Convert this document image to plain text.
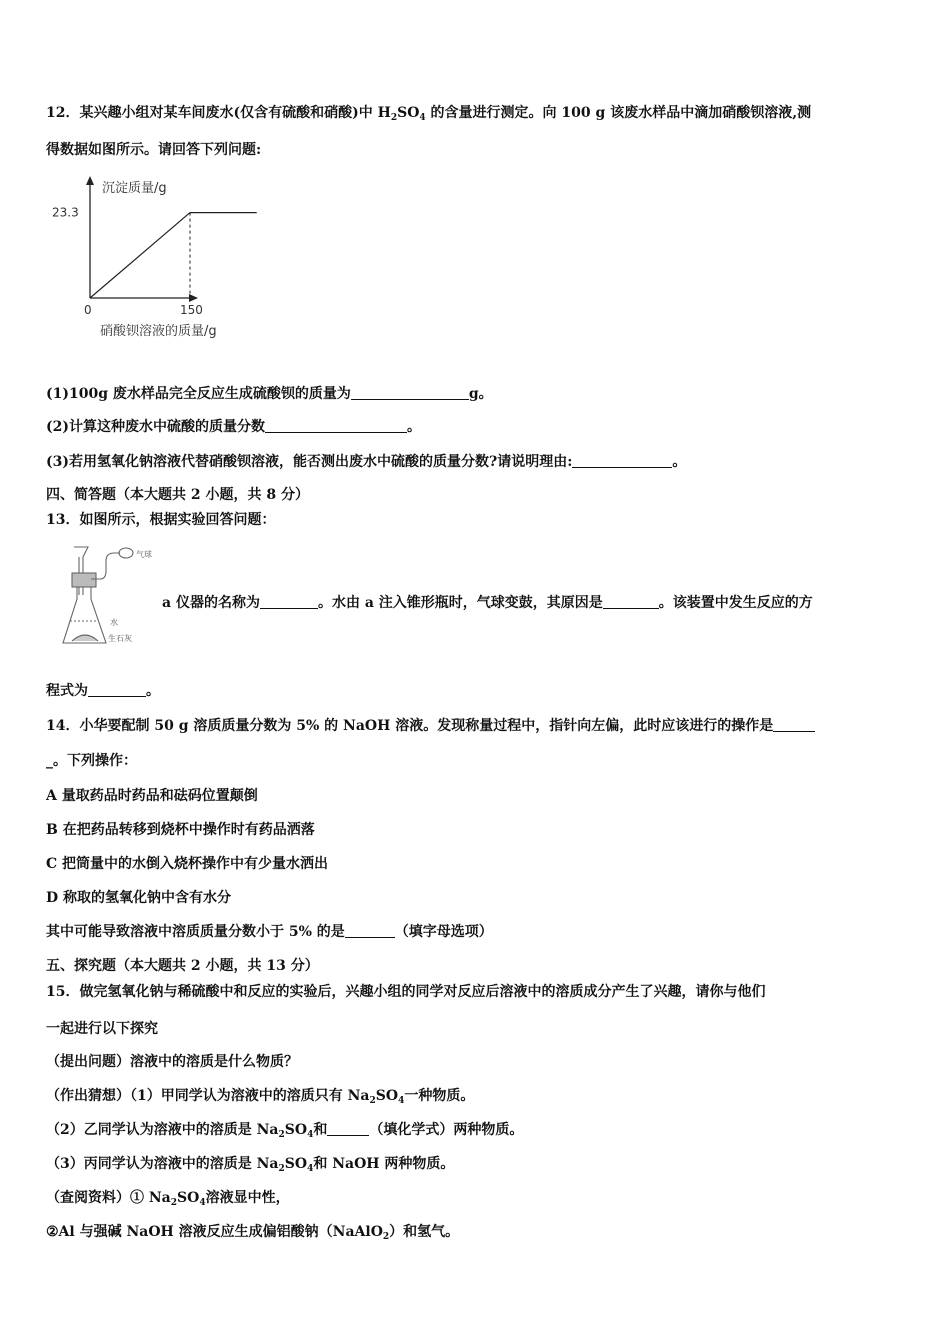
12．某兴趣小组对某车间废水(仅含有硫酸和硝酸)中 $H_2SO_4$ 的含量进行测定。向 100 g 该废水样品中滴加硝酸钡溶液,测
得数据如图所示。请回答下列问题:
沉淀质量/g
23.3
0	150
硝酸钡溶液的质量/g
(1)100g 废水样品完全反应生成硫酸钡的质量为	g。
(2)计算这种废水中硫酸的质量分数	。
(3)若用氢氧化钠溶液代替硝酸钡溶液，能否测出废水中硫酸的质量分数?请说明理由:	。
四、简答题（本大题共 2 小题，共 8 分）
13．如图所示，根据实验回答问题：
气球
水
生石灰
a 仪器的名称为	。水由 a 注入锥形瓶时，气球变鼓，其原因是	。该装置中发生反应的方
程式为	。
14．小华要配制 50 g 溶质质量分数为 5% 的 NaOH 溶液。发现称量过程中，指针向左偏，此时应该进行的操作是
_。下列操作：
A 量取药品时药品和砝码位置颠倒
B 在把药品转移到烧杯中操作时有药品洒落
C 把筒量中的水倒入烧杯操作中有少量水洒出
D 称取的氢氧化钠中含有水分
其中可能导致溶液中溶质质量分数小于 5% 的是	（填字母选项）
五、探究题（本大题共 2 小题，共 13 分）
15．做完氢氧化钠与稀硫酸中和反应的实验后，兴趣小组的同学对反应后溶液中的溶质成分产生了兴趣，请你与他们
一起进行以下探究
（提出问题）溶液中的溶质是什么物质？
（作出猜想）（1）甲同学认为溶液中的溶质只有 $Na_2SO_4$一种物质。
（2）乙同学认为溶液中的溶质是 $Na_2SO_4$和	（填化学式）两种物质。
（3）丙同学认为溶液中的溶质是 $Na_2SO_4$和 NaOH 两种物质。
（查阅资料）① $Na_2SO_4$溶液显中性，
②Al 与强碱 NaOH 溶液反应生成偏铝酸钠（NaAlO$_2$）和氢气。
